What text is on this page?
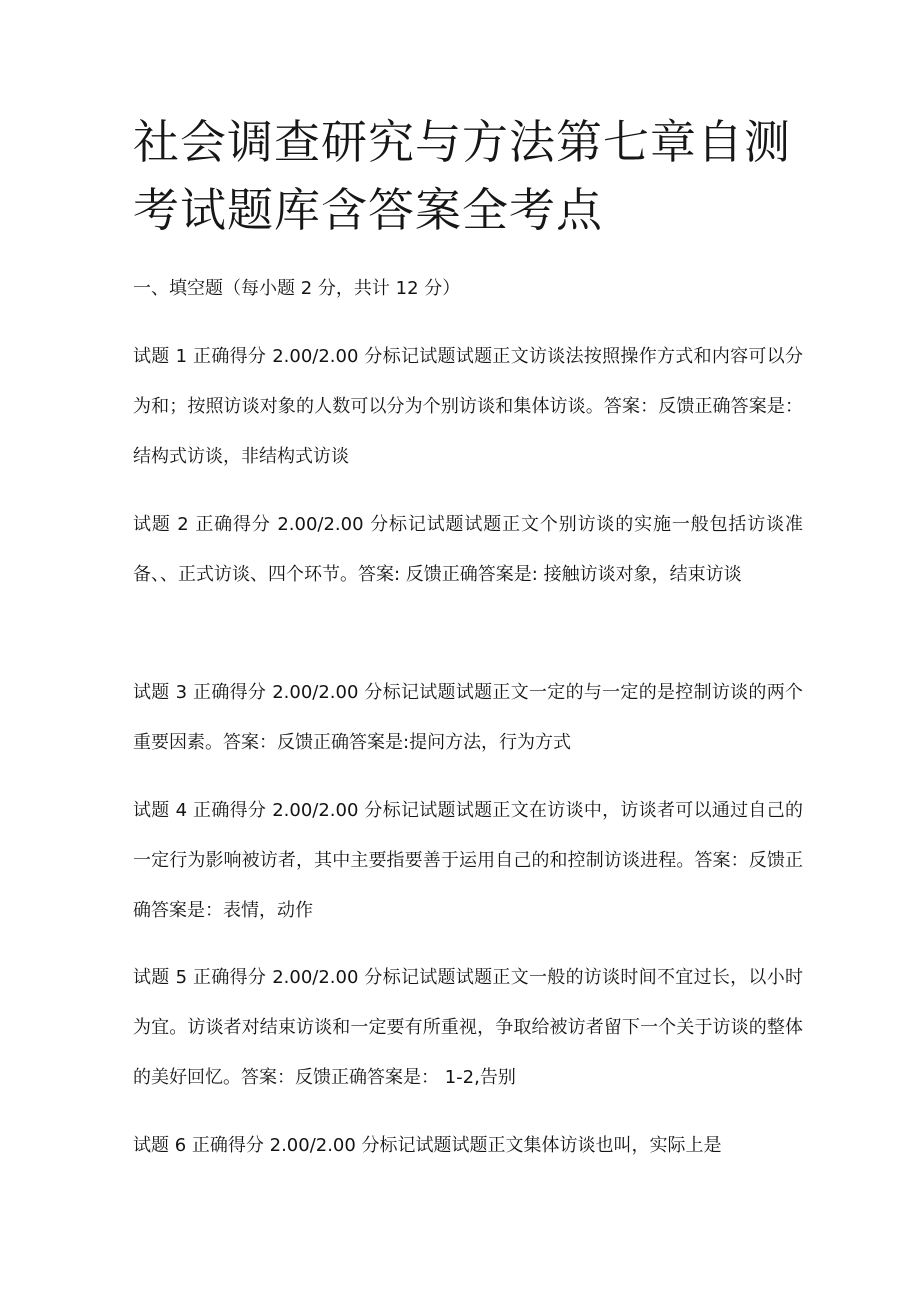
社会调查研究与方法第七章自测考试题库含答案全考点
一、填空题（每小题 2 分，共计 12 分）

试题 1 正确得分 2.00/2.00 分标记试题试题正文访谈法按照操作方式和内容可以分为和；按照访谈对象的人数可以分为个别访谈和集体访谈。答案：反馈正确答案是：结构式访谈，非结构式访谈

试题 2 正确得分 2.00/2.00 分标记试题试题正文个别访谈的实施一般包括访谈准备、、正式访谈、四个环节。答案: 反馈正确答案是: 接触访谈对象，结束访谈

试题 3 正确得分 2.00/2.00 分标记试题试题正文一定的与一定的是控制访谈的两个重要因素。答案：反馈正确答案是:提问方法，行为方式

试题 4 正确得分 2.00/2.00 分标记试题试题正文在访谈中，访谈者可以通过自己的一定行为影响被访者，其中主要指要善于运用自己的和控制访谈进程。答案：反馈正确答案是：表情，动作

试题 5 正确得分 2.00/2.00 分标记试题试题正文一般的访谈时间不宜过长，以小时为宜。访谈者对结束访谈和一定要有所重视，争取给被访者留下一个关于访谈的整体的美好回忆。答案：反馈正确答案是： 1-2,告别

试题 6 正确得分 2.00/2.00 分标记试题试题正文集体访谈也叫，实际上是
